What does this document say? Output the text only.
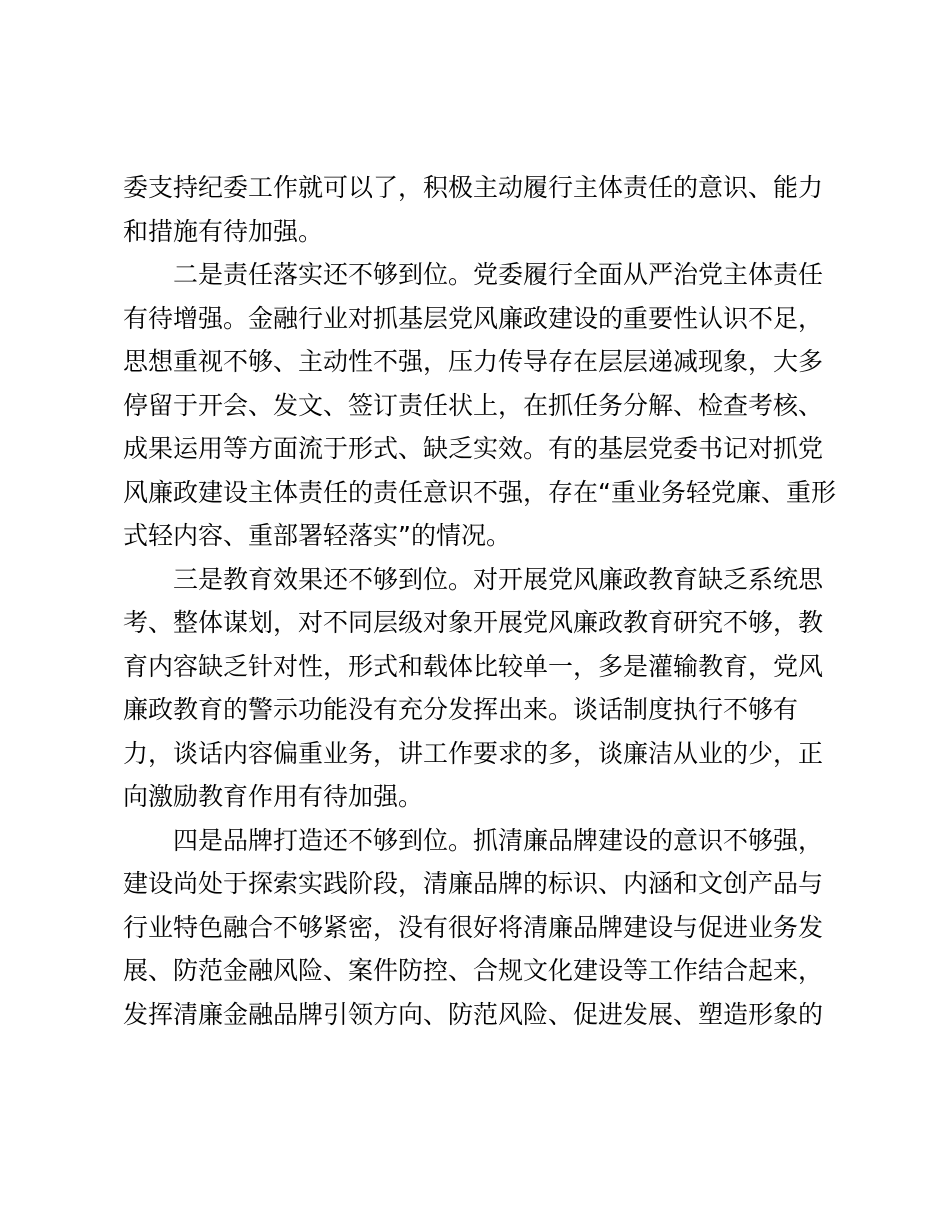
委支持纪委工作就可以了，积极主动履行主体责任的意识、能力
和措施有待加强。
二是责任落实还不够到位。党委履行全面从严治党主体责任
有待增强。金融行业对抓基层党风廉政建设的重要性认识不足，
思想重视不够、主动性不强，压力传导存在层层递减现象，大多
停留于开会、发文、签订责任状上，在抓任务分解、检查考核、
成果运用等方面流于形式、缺乏实效。有的基层党委书记对抓党
风廉政建设主体责任的责任意识不强，存在“重业务轻党廉、重形
式轻内容、重部署轻落实”的情况。
三是教育效果还不够到位。对开展党风廉政教育缺乏系统思
考、整体谋划，对不同层级对象开展党风廉政教育研究不够，教
育内容缺乏针对性，形式和载体比较单一，多是灌输教育，党风
廉政教育的警示功能没有充分发挥出来。谈话制度执行不够有
力，谈话内容偏重业务，讲工作要求的多，谈廉洁从业的少，正
向激励教育作用有待加强。
四是品牌打造还不够到位。抓清廉品牌建设的意识不够强，
建设尚处于探索实践阶段，清廉品牌的标识、内涵和文创产品与
行业特色融合不够紧密，没有很好将清廉品牌建设与促进业务发
展、防范金融风险、案件防控、合规文化建设等工作结合起来，
发挥清廉金融品牌引领方向、防范风险、促进发展、塑造形象的
